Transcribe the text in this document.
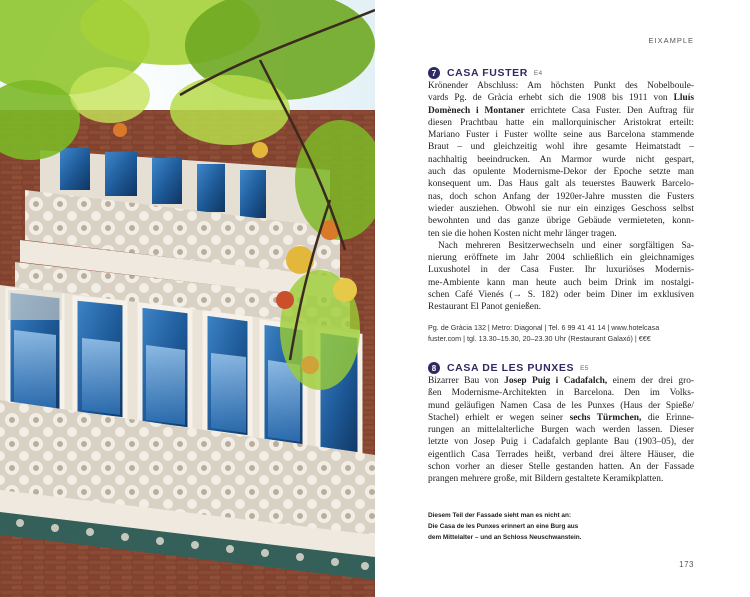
EIXAMPLE
7	CASA FUSTER E4
Krönender Abschluss: Am höchsten Punkt des Nobelboule-
vards Pg. de Gràcia erhebt sich die 1908 bis 1911 von Lluís
Domènech i Montaner errichtete Casa Fuster. Den Auftrag für
diesen Prachtbau hatte ein mallorquinischer Aristokrat erteilt:
Mariano Fuster i Fuster wollte seine aus Barcelona stammende
Braut – und gleichzeitig wohl ihre gesamte Heimatstadt –
nachhaltig beeindrucken. An Marmor wurde nicht gespart,
auch das opulente Modernisme-Dekor der Epoche setzte man
konsequent um. Das Haus galt als teuerstes Bauwerk Barcelo-
nas, doch schon Anfang der 1920er-Jahre mussten die Fusters
wieder ausziehen. Obwohl sie nur ein einziges Geschoss selbst
bewohnten und das ganze übrige Gebäude vermieteten, konn-
ten sie die hohen Kosten nicht mehr länger tragen.
Nach mehreren Besitzerwechseln und einer sorgfältigen Sa-
nierung eröffnete im Jahr 2004 schließlich ein gleichnamiges
Luxushotel in der Casa Fuster. Ihr luxuriöses Modernis-
me-Ambiente kann man heute auch beim Drink im nostalgi-
schen Café Vienés (→ S. 182) oder beim Diner im exklusiven
Restaurant El Panot genießen.
Pg. de Gràcia 132 | Metro: Diagonal | Tel. 6 99 41 41 14 | www.hotelcasa
fuster.com | tgl. 13.30–15.30, 20–23.30 Uhr (Restaurant Galaxó) | €€€
8	CASA DE LES PUNXES E5
Bizarrer Bau von Josep Puig i Cadafalch, einem der drei gro-
ßen Modernisme-Architekten in Barcelona. Den im Volks-
mund geläufigen Namen Casa de les Punxes (Haus der Spieße/
Stachel) erhielt er wegen seiner sechs Türmchen, die Erinne-
rungen an mittelalterliche Burgen wach werden lassen. Dieser
letzte von Josep Puig i Cadafalch geplante Bau (1903–05), der
eigentlich Casa Terrades heißt, verband drei ältere Häuser, die
schon vorher an dieser Stelle gestanden hatten. An der Fassade
prangen mehrere große, mit Bildern gestaltete Keramikplatten.
Diesem Teil der Fassade sieht man es nicht an:
Die Casa de les Punxes erinnert an eine Burg aus
dem Mittelalter – und an Schloss Neuschwanstein.
173
